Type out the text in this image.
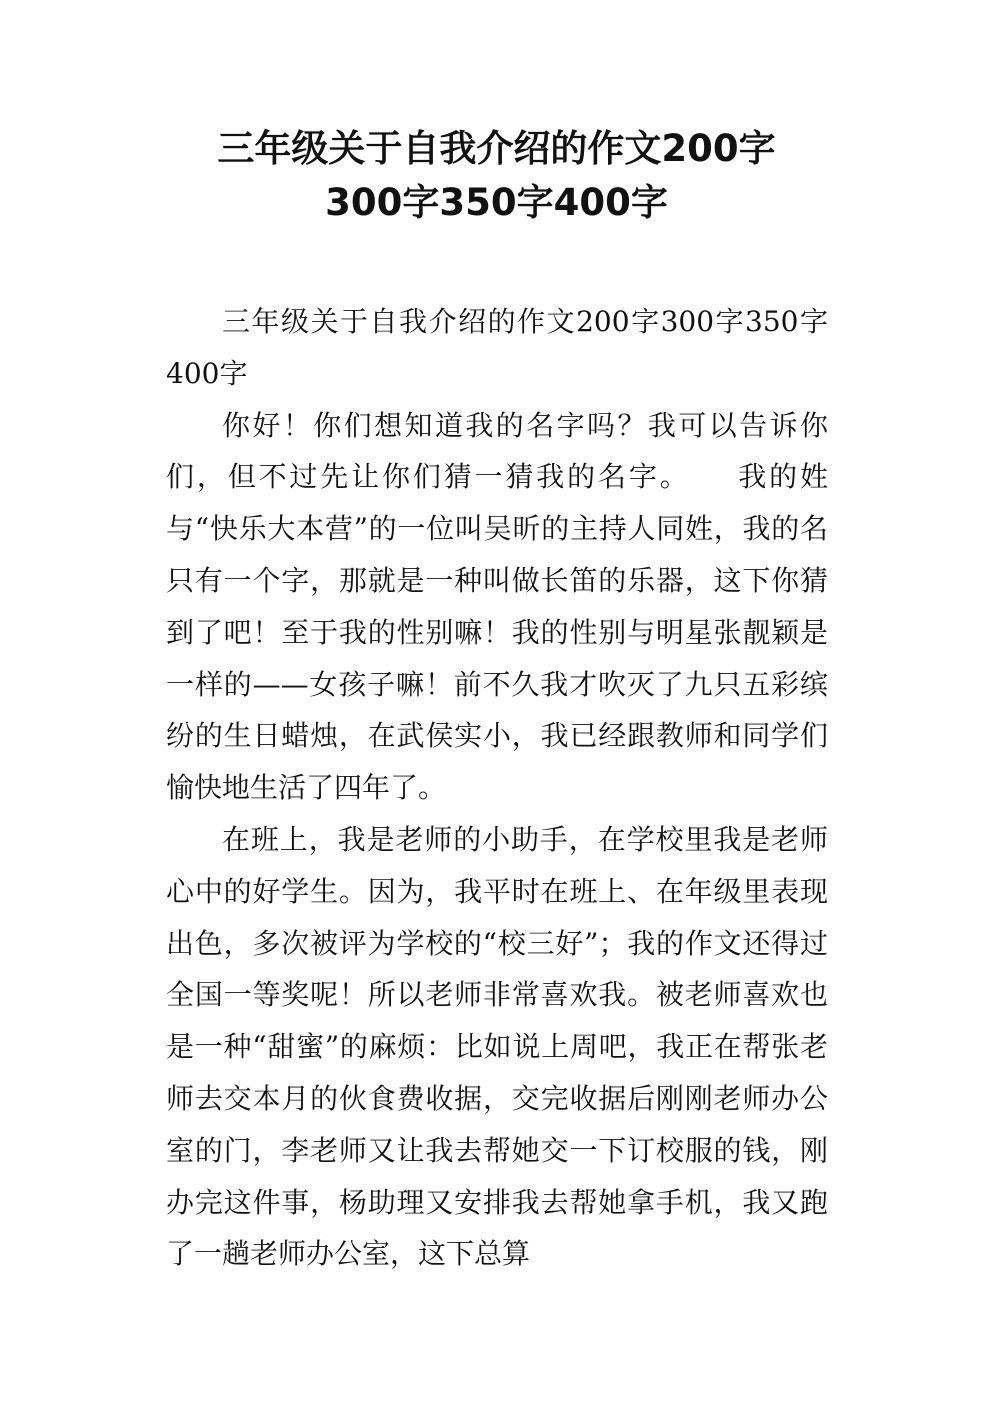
三年级关于自我介绍的作文200字
300字350字400字

三年级关于自我介绍的作文200字300字350字400字

你好！你们想知道我的名字吗？我可以告诉你们，但不过先让你们猜一猜我的名字。　　我的姓与“快乐大本营”的一位叫吴昕的主持人同姓，我的名只有一个字，那就是一种叫做长笛的乐器，这下你猜到了吧！至于我的性别嘛！我的性别与明星张靓颖是一样的——女孩子嘛！前不久我才吹灭了九只五彩缤纷的生日蜡烛，在武侯实小，我已经跟教师和同学们愉快地生活了四年了。

在班上，我是老师的小助手，在学校里我是老师心中的好学生。因为，我平时在班上、在年级里表现出色，多次被评为学校的“校三好”；我的作文还得过全国一等奖呢！所以老师非常喜欢我。被老师喜欢也是一种“甜蜜”的麻烦：比如说上周吧，我正在帮张老师去交本月的伙食费收据，交完收据后刚刚老师办公室的门，李老师又让我去帮她交一下订校服的钱，刚办完这件事，杨助理又安排我去帮她拿手机，我又跑了一趟老师办公室，这下总算
